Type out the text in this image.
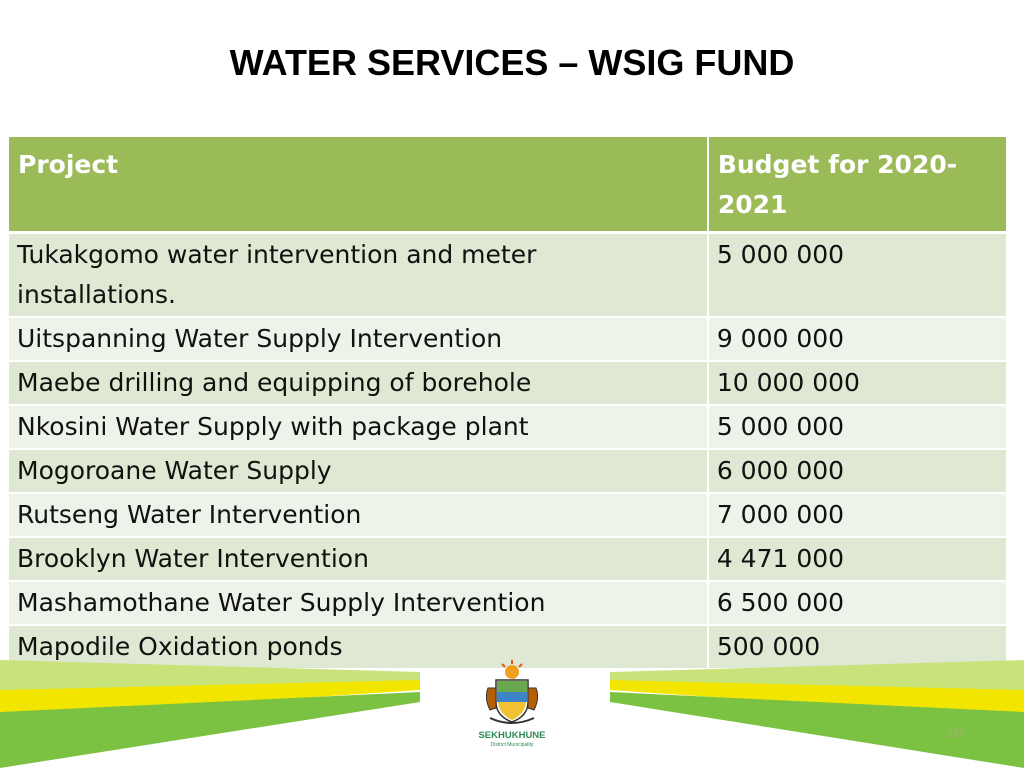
WATER SERVICES – WSIG FUND
Project	Budget for 2020-2021

Tukakgomo water intervention and meter installations.	5 000 000
Uitspanning Water Supply Intervention	9 000 000
Maebe drilling and equipping of borehole	10 000 000
Nkosini Water Supply with package plant	5 000 000
Mogoroane Water Supply	6 000 000
Rutseng Water Intervention	7 000 000
Brooklyn Water Intervention	4 471 000
Mashamothane Water Supply Intervention	6 500 000
Mapodile Oxidation ponds	500 000
SEKHUKHUNE
District Municipality
18
